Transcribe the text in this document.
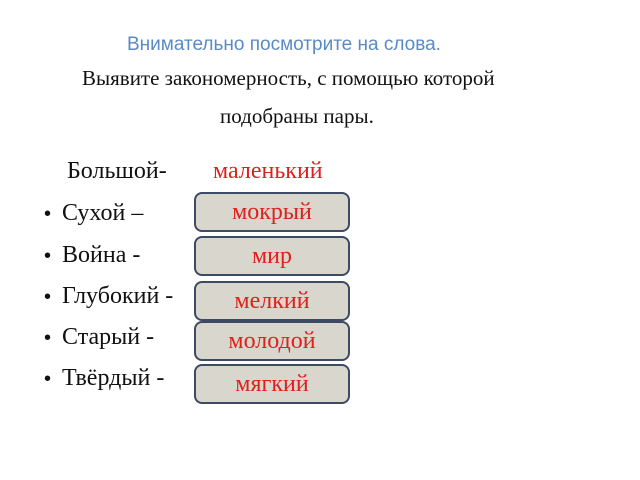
Внимательно посмотрите на слова.
Выявите закономерность, с помощью которой
подобраны пары.
Большой- маленький
• Сухой –
• Война -
• Глубокий -
• Старый -
• Твёрдый -
мокрый
мир
мелкий
молодой
мягкий
